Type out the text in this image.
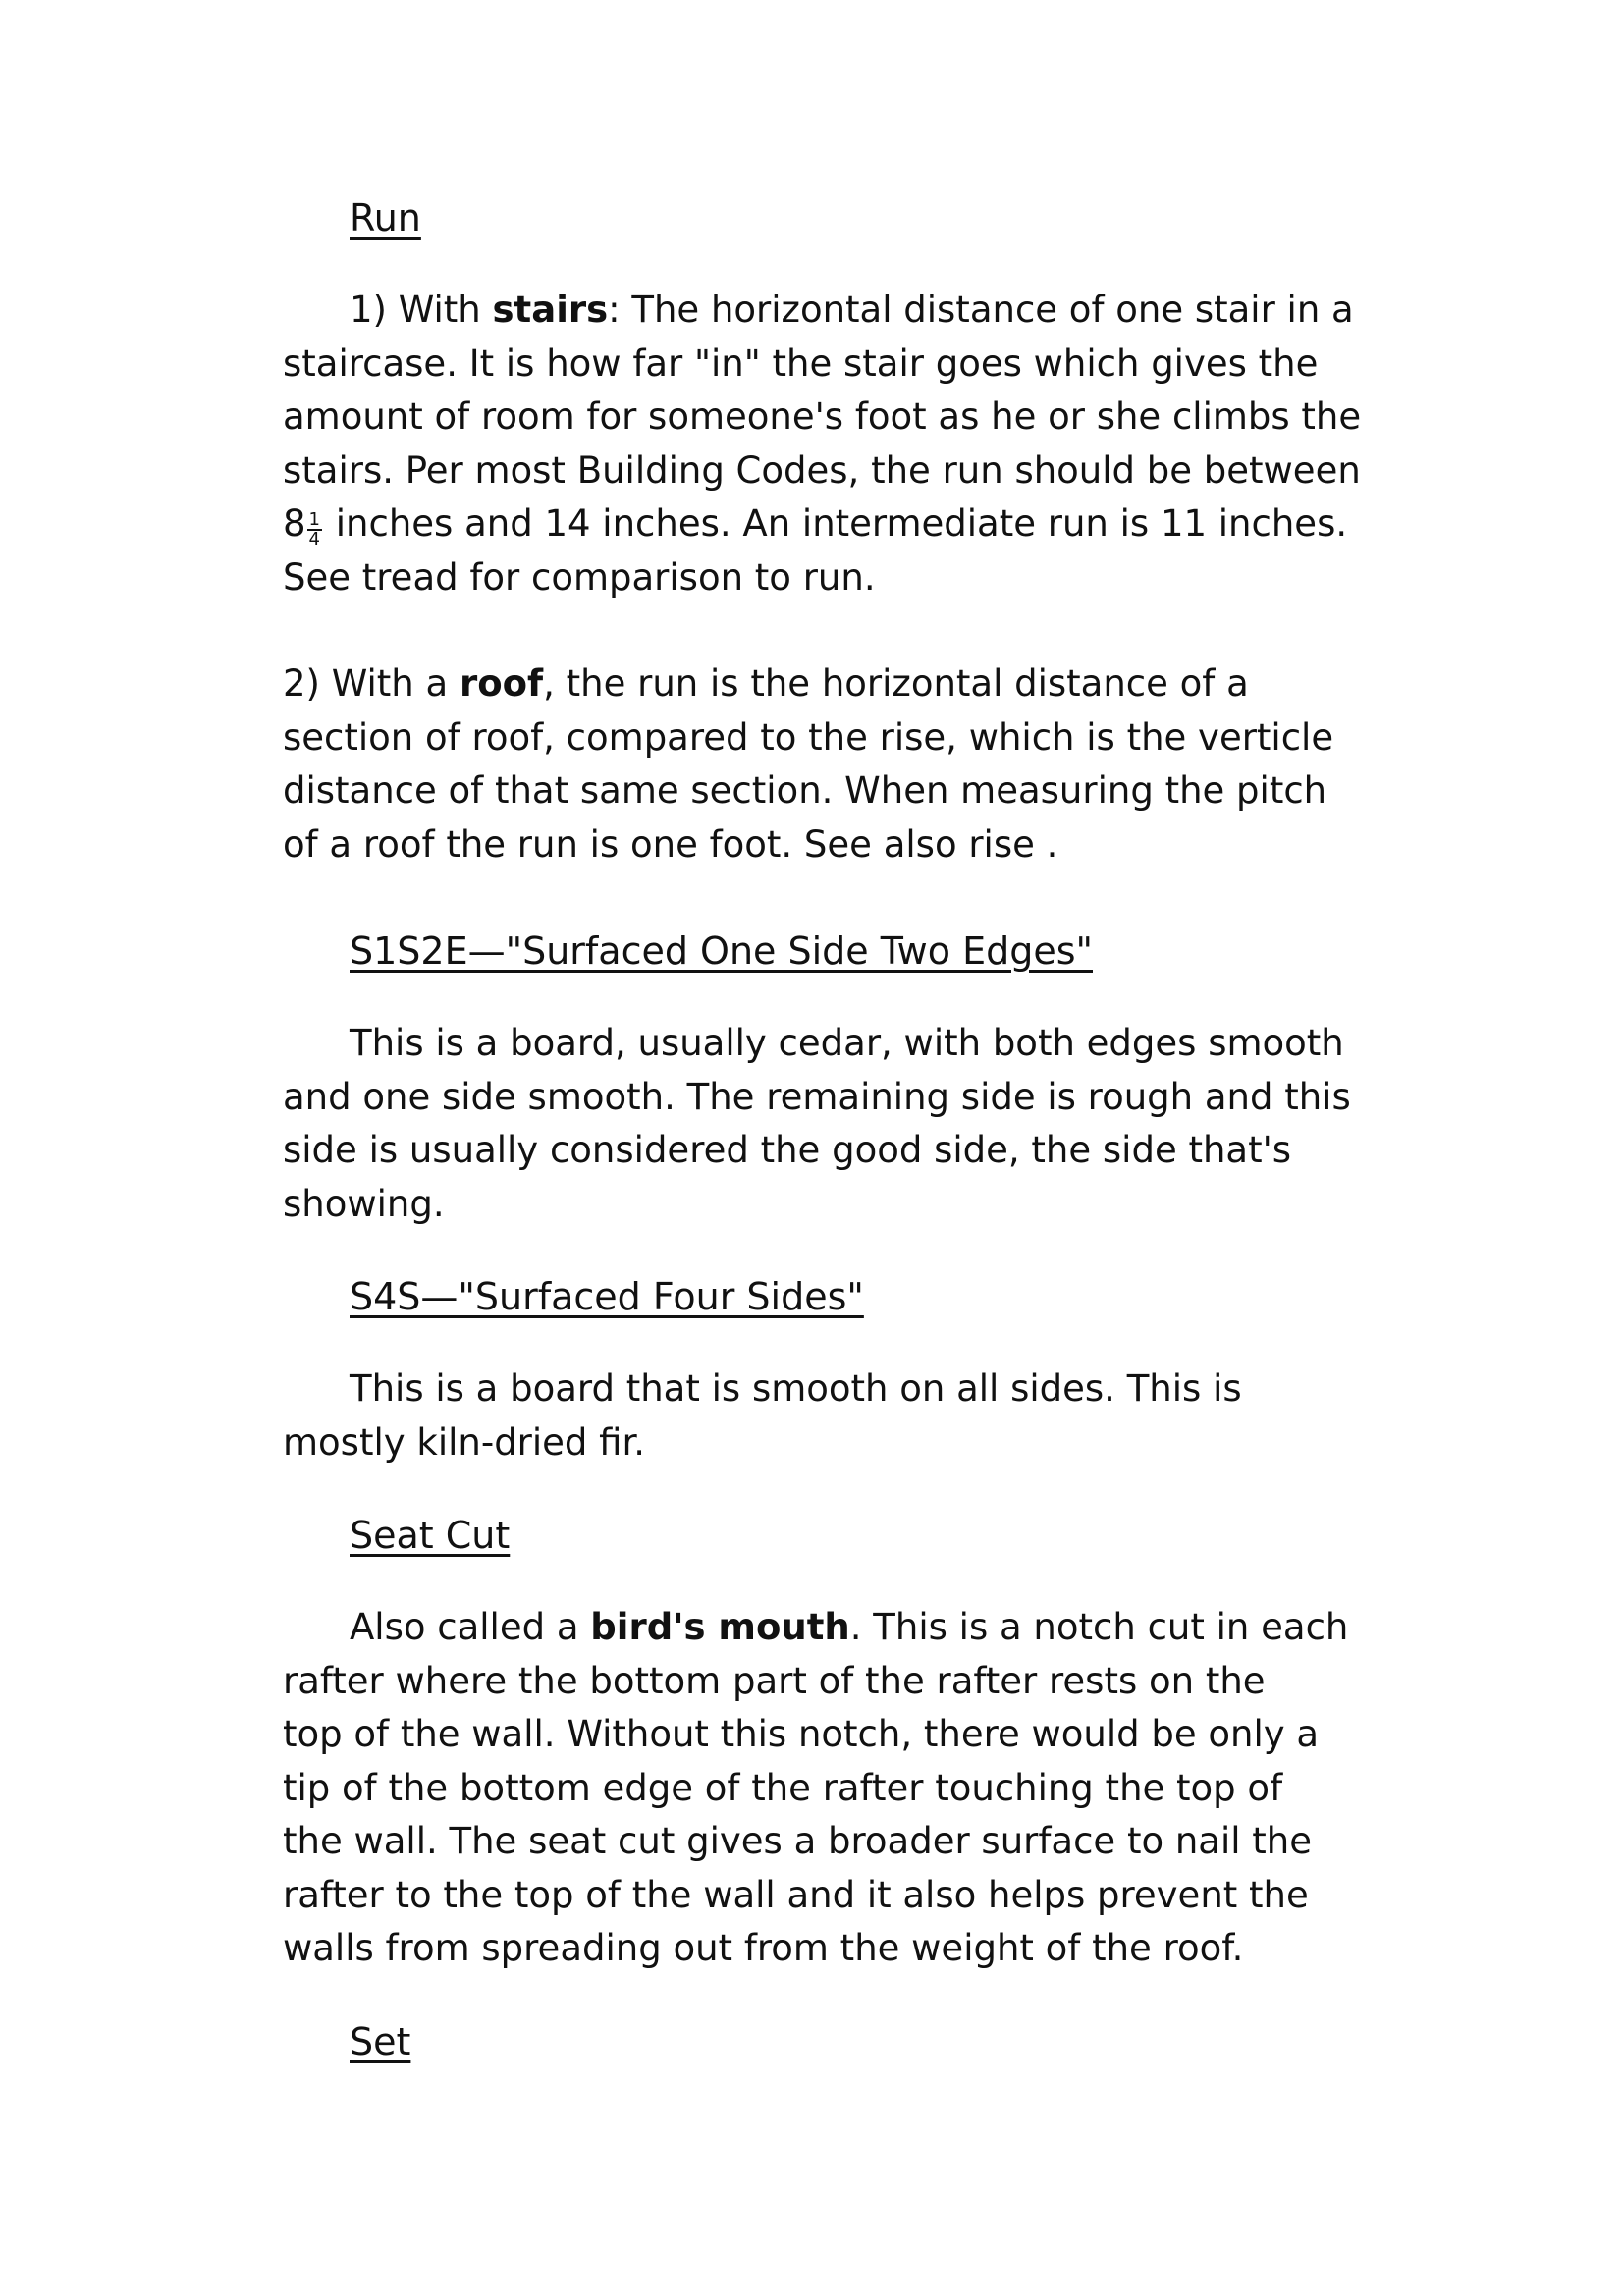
Run
1) With stairs: The horizontal distance of one stair in a
staircase. It is how far "in" the stair goes which gives the
amount of room for someone's foot as he or she climbs the
stairs. Per most Building Codes, the run should be between
$8 \frac{1}{4}$ inches and 14 inches. An intermediate run is 11 inches.
See tread for comparison to run.
2) With a roof, the run is the horizontal distance of a
section of roof, compared to the rise, which is the verticle
distance of that same section. When measuring the pitch
of a roof the run is one foot. See also rise .
S1S2E—"Surfaced One Side Two Edges"
This is a board, usually cedar, with both edges smooth
and one side smooth. The remaining side is rough and this
side is usually considered the good side, the side that's
showing.
S4S—"Surfaced Four Sides"
This is a board that is smooth on all sides. This is
mostly kiln-dried fir.
Seat Cut
Also called a bird's mouth. This is a notch cut in each
rafter where the bottom part of the rafter rests on the
top of the wall. Without this notch, there would be only a
tip of the bottom edge of the rafter touching the top of
the wall. The seat cut gives a broader surface to nail the
rafter to the top of the wall and it also helps prevent the
walls from spreading out from the weight of the roof.
Set
